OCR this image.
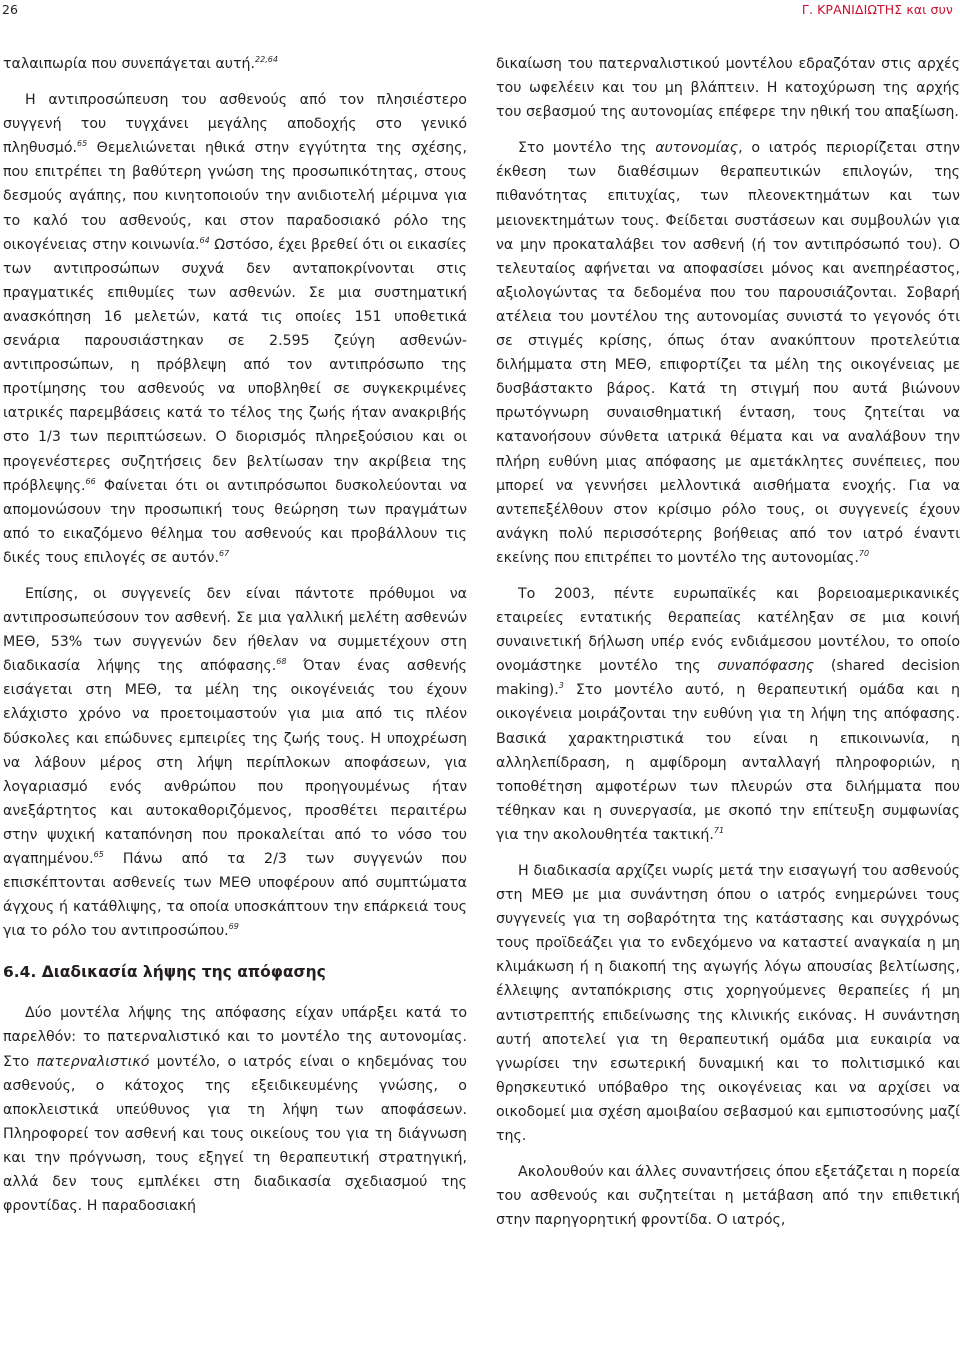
26	Γ. ΚΡΑΝΙΔΙΩΤΗΣ και συν

ταλαιπωρία που συνεπάγεται αυτή.$^{22,64}$

Η αντιπροσώπευση του ασθενούς από τον πλησιέστερο συγγενή του τυγχάνει μεγάλης αποδοχής στο γενικό πληθυσμό.$^{65}$ Θεμελιώνεται ηθικά στην εγγύτητα της σχέσης, που επιτρέπει τη βαθύτερη γνώση της προσωπικότητας, στους δεσμούς αγάπης, που κινητοποιούν την ανιδιοτελή μέριμνα για το καλό του ασθενούς, και στον παραδοσιακό ρόλο της οικογένειας στην κοινωνία.$^{64}$ Ωστόσο, έχει βρεθεί ότι οι εικασίες των αντιπροσώπων συχνά δεν ανταποκρίνονται στις πραγματικές επιθυμίες των ασθενών. Σε μια συστηματική ανασκόπηση 16 μελετών, κατά τις οποίες 151 υποθετικά σενάρια παρουσιάστηκαν σε 2.595 ζεύγη ασθενών-αντιπροσώπων, η πρόβλεψη από τον αντιπρόσωπο της προτίμησης του ασθενούς να υποβληθεί σε συγκεκριμένες ιατρικές παρεμβάσεις κατά το τέλος της ζωής ήταν ανακριβής στο 1/3 των περιπτώσεων. Ο διορισμός πληρεξούσιου και οι προγενέστερες συζητήσεις δεν βελτίωσαν την ακρίβεια της πρόβλεψης.$^{66}$ Φαίνεται ότι οι αντιπρόσωποι δυσκολεύονται να απομονώσουν την προσωπική τους θεώρηση των πραγμάτων από το εικαζόμενο θέλημα του ασθενούς και προβάλλουν τις δικές τους επιλογές σε αυτόν.$^{67}$

Επίσης, οι συγγενείς δεν είναι πάντοτε πρόθυμοι να αντιπροσωπεύσουν τον ασθενή. Σε μια γαλλική μελέτη ασθενών ΜΕΘ, 53% των συγγενών δεν ήθελαν να συμμετέχουν στη διαδικασία λήψης της απόφασης.$^{68}$ Όταν ένας ασθενής εισάγεται στη ΜΕΘ, τα μέλη της οικογένειάς του έχουν ελάχιστο χρόνο να προετοιμαστούν για μια από τις πλέον δύσκολες και επώδυνες εμπειρίες της ζωής τους. Η υποχρέωση να λάβουν μέρος στη λήψη περίπλοκων αποφάσεων, για λογαριασμό ενός ανθρώπου που προηγουμένως ήταν ανεξάρτητος και αυτοκαθοριζόμενος, προσθέτει περαιτέρω στην ψυχική καταπόνηση που προκαλείται από το νόσο του αγαπημένου.$^{65}$ Πάνω από τα 2/3 των συγγενών που επισκέπτονται ασθενείς των ΜΕΘ υποφέρουν από συμπτώματα άγχους ή κατάθλιψης, τα οποία υποσκάπτουν την επάρκειά τους για το ρόλο του αντιπροσώπου.$^{69}$

6.4. Διαδικασία λήψης της απόφασης

Δύο μοντέλα λήψης της απόφασης είχαν υπάρξει κατά το παρελθόν: το πατερναλιστικό και το μοντέλο της αυτονομίας. Στο πατερναλιστικό μοντέλο, ο ιατρός είναι ο κηδεμόνας του ασθενούς, ο κάτοχος της εξειδικευμένης γνώσης, ο αποκλειστικά υπεύθυνος για τη λήψη των αποφάσεων. Πληροφορεί τον ασθενή και τους οικείους του για τη διάγνωση και την πρόγνωση, τους εξηγεί τη θεραπευτική στρατηγική, αλλά δεν τους εμπλέκει στη διαδικασία σχεδιασμού της φροντίδας. Η παραδοσιακή

δικαίωση του πατερναλιστικού μοντέλου εδραζόταν στις αρχές του ωφελέειν και του μη βλάπτειν. Η κατοχύρωση της αρχής του σεβασμού της αυτονομίας επέφερε την ηθική του απαξίωση.

Στο μοντέλο της αυτονομίας, ο ιατρός περιορίζεται στην έκθεση των διαθέσιμων θεραπευτικών επιλογών, της πιθανότητας επιτυχίας, των πλεονεκτημάτων και των μειονεκτημάτων τους. Φείδεται συστάσεων και συμβουλών για να μην προκαταλάβει τον ασθενή (ή τον αντιπρόσωπό του). Ο τελευταίος αφήνεται να αποφασίσει μόνος και ανεπηρέαστος, αξιολογώντας τα δεδομένα που του παρουσιάζονται. Σοβαρή ατέλεια του μοντέλου της αυτονομίας συνιστά το γεγονός ότι σε στιγμές κρίσης, όπως όταν ανακύπτουν προτελεύτια διλήμματα στη ΜΕΘ, επιφορτίζει τα μέλη της οικογένειας με δυσβάστακτο βάρος. Κατά τη στιγμή που αυτά βιώνουν πρωτόγνωρη συναισθηματική ένταση, τους ζητείται να κατανοήσουν σύνθετα ιατρικά θέματα και να αναλάβουν την πλήρη ευθύνη μιας απόφασης με αμετάκλητες συνέπειες, που μπορεί να γεννήσει μελλοντικά αισθήματα ενοχής. Για να αντεπεξέλθουν στον κρίσιμο ρόλο τους, οι συγγενείς έχουν ανάγκη πολύ περισσότερης βοήθειας από τον ιατρό έναντι εκείνης που επιτρέπει το μοντέλο της αυτονομίας.$^{70}$

Το 2003, πέντε ευρωπαϊκές και βορειοαμερικανικές εταιρείες εντατικής θεραπείας κατέληξαν σε μια κοινή συναινετική δήλωση υπέρ ενός ενδιάμεσου μοντέλου, το οποίο ονομάστηκε μοντέλο της συναπόφασης (shared decision making).$^3$ Στο μοντέλο αυτό, η θεραπευτική ομάδα και η οικογένεια μοιράζονται την ευθύνη για τη λήψη της απόφασης. Βασικά χαρακτηριστικά του είναι η επικοινωνία, η αλληλεπίδραση, η αμφίδρομη ανταλλαγή πληροφοριών, η τοποθέτηση αμφοτέρων των πλευρών στα διλήμματα που τέθηκαν και η συνεργασία, με σκοπό την επίτευξη συμφωνίας για την ακολουθητέα τακτική.$^{71}$

Η διαδικασία αρχίζει νωρίς μετά την εισαγωγή του ασθενούς στη ΜΕΘ με μια συνάντηση όπου ο ιατρός ενημερώνει τους συγγενείς για τη σοβαρότητα της κατάστασης και συγχρόνως τους προϊδεάζει για το ενδεχόμενο να καταστεί αναγκαία η μη κλιμάκωση ή η διακοπή της αγωγής λόγω απουσίας βελτίωσης, έλλειψης ανταπόκρισης στις χορηγούμενες θεραπείες ή μη αντιστρεπτής επιδείνωσης της κλινικής εικόνας. Η συνάντηση αυτή αποτελεί για τη θεραπευτική ομάδα μια ευκαιρία να γνωρίσει την εσωτερική δυναμική και το πολιτισμικό και θρησκευτικό υπόβαθρο της οικογένειας και να αρχίσει να οικοδομεί μια σχέση αμοιβαίου σεβασμού και εμπιστοσύνης μαζί της.

Ακολουθούν και άλλες συναντήσεις όπου εξετάζεται η πορεία του ασθενούς και συζητείται η μετάβαση από την επιθετική στην παρηγορητική φροντίδα. Ο ιατρός,
